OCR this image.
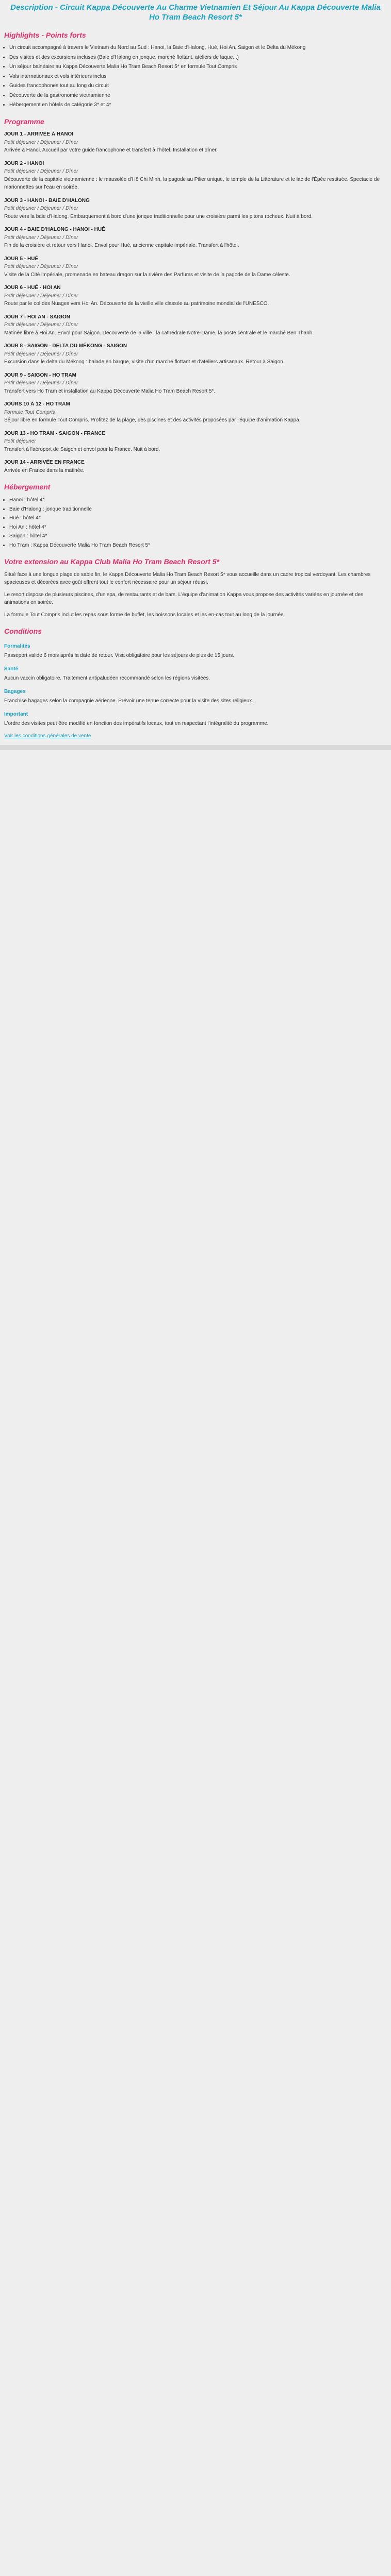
Description - Circuit Kappa Découverte Au Charme Vietnamien Et Séjour Au Kappa Découverte Malia Ho Tram Beach Resort 5*
Highlights - Points forts
• Un circuit accompagné à travers le Vietnam du Nord au Sud : Hanoi, la Baie d'Halong, Hué, Hoi An, Saigon et le Delta du Mékong
• Des visites et des excursions incluses (Baie d'Halong en jonque, marché flottant, ateliers de laque...)
• Un séjour balnéaire au Kappa Découverte Malia Ho Tram Beach Resort 5* en formule Tout Compris
• Vols internationaux et vols intérieurs inclus
• Guides francophones tout au long du circuit
• Découverte de la gastronomie vietnamienne
• Hébergement en hôtels de catégorie 3* et 4*
Programme
JOUR 1 - ARRIVÉE À HANOI
Petit déjeuner / Déjeuner / Dîner

Arrivée à Hanoi. Accueil par votre guide francophone et transfert à l'hôtel. Installation et dîner.

JOUR 2 - HANOI
Petit déjeuner / Déjeuner / Dîner

Découverte de la capitale vietnamienne : le mausolée d'Hô Chi Minh, la pagode au Pilier unique, le temple de la Littérature et le lac de l'Épée restituée. Spectacle de marionnettes sur l'eau en soirée.

JOUR 3 - HANOI - BAIE D'HALONG
Petit déjeuner / Déjeuner / Dîner

Route vers la baie d'Halong. Embarquement à bord d'une jonque traditionnelle pour une croisière parmi les pitons rocheux. Nuit à bord.

JOUR 4 - BAIE D'HALONG - HANOI - HUÉ
Petit déjeuner / Déjeuner / Dîner

Fin de la croisière et retour vers Hanoi. Envol pour Hué, ancienne capitale impériale. Transfert à l'hôtel.

JOUR 5 - HUÉ
Petit déjeuner / Déjeuner / Dîner

Visite de la Cité impériale, promenade en bateau dragon sur la rivière des Parfums et visite de la pagode de la Dame céleste.

JOUR 6 - HUÉ - HOI AN
Petit déjeuner / Déjeuner / Dîner

Route par le col des Nuages vers Hoi An. Découverte de la vieille ville classée au patrimoine mondial de l'UNESCO.

JOUR 7 - HOI AN - SAIGON
Petit déjeuner / Déjeuner / Dîner

Matinée libre à Hoi An. Envol pour Saigon. Découverte de la ville : la cathédrale Notre-Dame, la poste centrale et le marché Ben Thanh.

JOUR 8 - SAIGON - DELTA DU MÉKONG - SAIGON
Petit déjeuner / Déjeuner / Dîner

Excursion dans le delta du Mékong : balade en barque, visite d'un marché flottant et d'ateliers artisanaux. Retour à Saigon.

JOUR 9 - SAIGON - HO TRAM
Petit déjeuner / Déjeuner / Dîner

Transfert vers Ho Tram et installation au Kappa Découverte Malia Ho Tram Beach Resort 5*.

JOURS 10 À 12 - HO TRAM
Formule Tout Compris

Séjour libre en formule Tout Compris. Profitez de la plage, des piscines et des activités proposées par l'équipe d'animation Kappa.

JOUR 13 - HO TRAM - SAIGON - FRANCE
Petit déjeuner

Transfert à l'aéroport de Saigon et envol pour la France. Nuit à bord.

JOUR 14 - ARRIVÉE EN FRANCE

Arrivée en France dans la matinée.

Hébergement
• Hanoi : hôtel 4*
• Baie d'Halong : jonque traditionnelle
• Hué : hôtel 4*
• Hoi An : hôtel 4*
• Saigon : hôtel 4*
• Ho Tram : Kappa Découverte Malia Ho Tram Beach Resort 5*
Votre extension au Kappa Club Malia Ho Tram Beach Resort 5*

Situé face à une longue plage de sable fin, le Kappa Découverte Malia Ho Tram Beach Resort 5* vous accueille dans un cadre tropical verdoyant. Les chambres spacieuses et décorées avec goût offrent tout le confort nécessaire pour un séjour réussi.

Le resort dispose de plusieurs piscines, d'un spa, de restaurants et de bars. L'équipe d'animation Kappa vous propose des activités variées en journée et des animations en soirée.

La formule Tout Compris inclut les repas sous forme de buffet, les boissons locales et les en-cas tout au long de la journée.

Conditions
Formalités

Passeport valide 6 mois après la date de retour. Visa obligatoire pour les séjours de plus de 15 jours.

Santé

Aucun vaccin obligatoire. Traitement antipaludéen recommandé selon les régions visitées.

Bagages

Franchise bagages selon la compagnie aérienne. Prévoir une tenue correcte pour la visite des sites religieux.

Important

L'ordre des visites peut être modifié en fonction des impératifs locaux, tout en respectant l'intégralité du programme.

Voir les conditions générales de vente
